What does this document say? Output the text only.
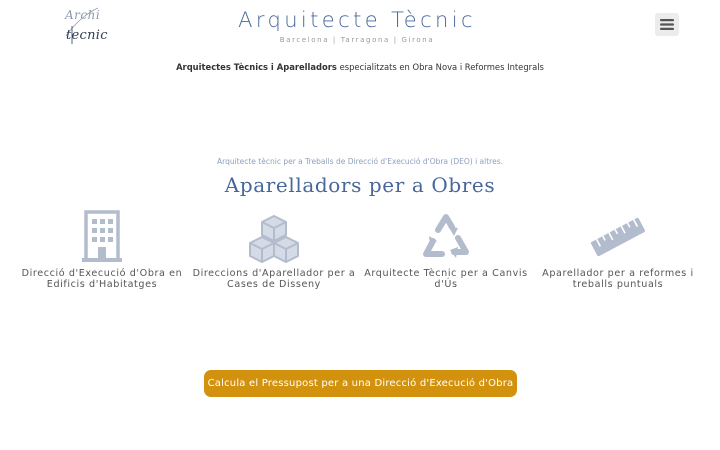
Archi
tecnic
Arquitecte Tècnic
Barcelona | Tarragona | Girona
Arquitectes Tècnics i Aparelladors especialitzats en Obra Nova i Reformes Integrals
Arquitecte tècnic per a Treballs de Direcció d'Execució d'Obra (DEO) i altres.
Aparelladors per a Obres
Direcció d'Execució d'Obra en Edificis d'Habitatges
Direccions d'Aparellador per a Cases de Disseny
Arquitecte Tècnic per a Canvis d'Ús
Aparellador per a reformes i treballs puntuals
Calcula el Pressupost per a una Direcció d'Execució d'Obra
